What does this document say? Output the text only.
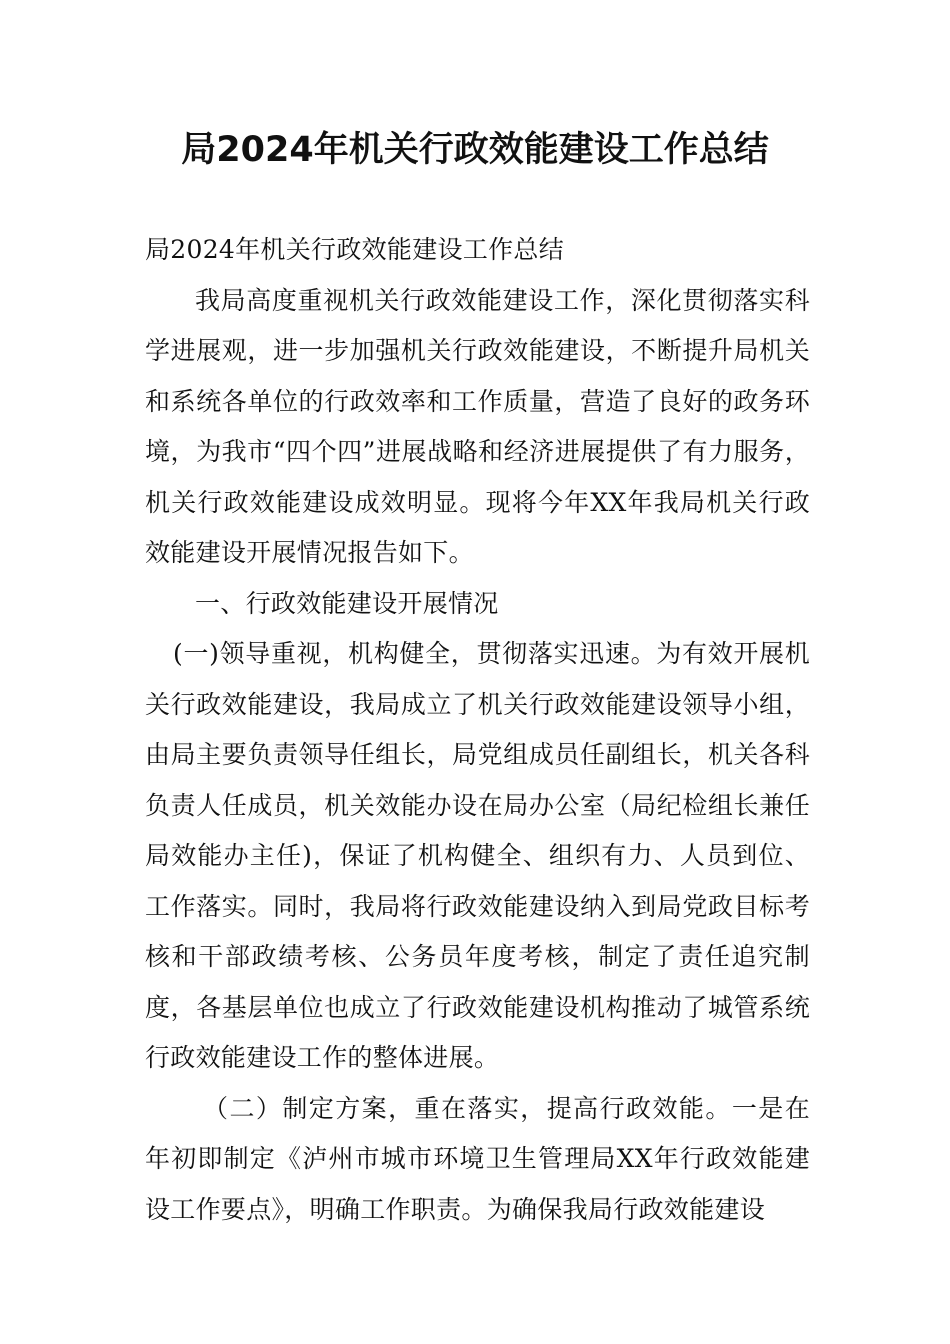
局2024年机关行政效能建设工作总结

局2024年机关行政效能建设工作总结

我局高度重视机关行政效能建设工作，深化贯彻落实科学进展观，进一步加强机关行政效能建设，不断提升局机关和系统各单位的行政效率和工作质量，营造了良好的政务环境，为我市“四个四”进展战略和经济进展提供了有力服务，机关行政效能建设成效明显。现将今年XX年我局机关行政效能建设开展情况报告如下。

一、行政效能建设开展情况

(一)领导重视，机构健全，贯彻落实迅速。为有效开展机关行政效能建设，我局成立了机关行政效能建设领导小组，由局主要负责领导任组长，局党组成员任副组长，机关各科负责人任成员，机关效能办设在局办公室（局纪检组长兼任局效能办主任)，保证了机构健全、组织有力、人员到位、工作落实。同时，我局将行政效能建设纳入到局党政目标考核和干部政绩考核、公务员年度考核，制定了责任追究制度，各基层单位也成立了行政效能建设机构推动了城管系统行政效能建设工作的整体进展。

（二）制定方案，重在落实，提高行政效能。一是在年初即制定《泸州市城市环境卫生管理局XX年行政效能建设工作要点》，明确工作职责。为确保我局行政效能建设
